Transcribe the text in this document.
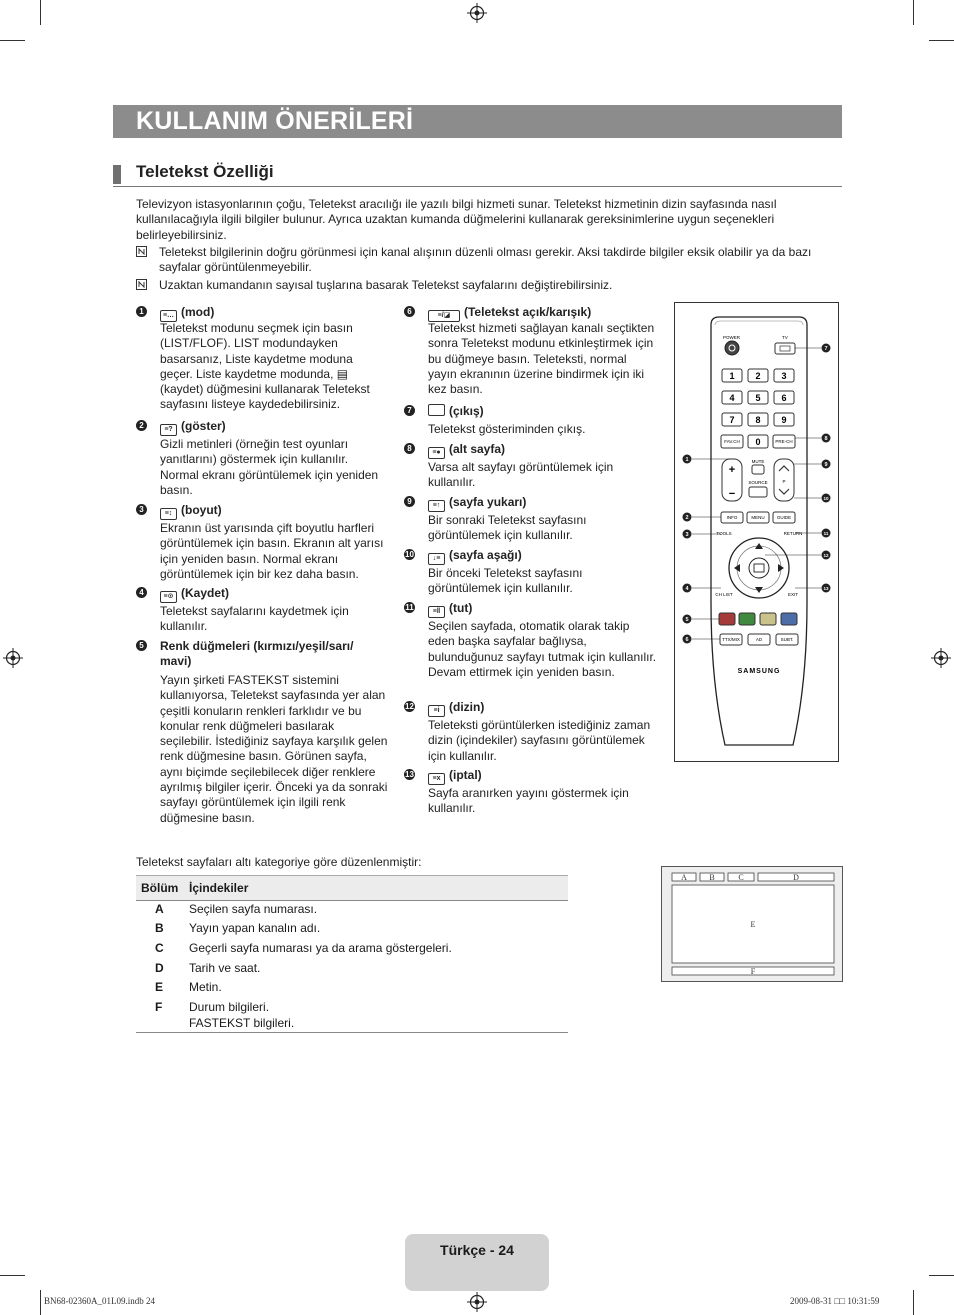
KULLANIM ÖNERİLERİ
Teletekst Özelliği
Televizyon istasyonlarının çoğu, Teletekst aracılığı ile yazılı bilgi hizmeti sunar. Teletekst hizmetinin dizin sayfasında nasıl kullanılacağıyla ilgili bilgiler bulunur. Ayrıca uzaktan kumanda düğmelerini kullanarak gereksinimlerine uygun seçenekleri belirleyebilirsiniz.
Teletekst bilgilerinin doğru görünmesi için kanal alışının düzenli olması gerekir. Aksi takdirde bilgiler eksik olabilir ya da bazı sayfalar görüntülenmeyebilir.
Uzaktan kumandanın sayısal tuşlarına basarak Teletekst sayfalarını değiştirebilirsiniz.
1	≡… (mod)
Teletekst modunu seçmek için basın (LIST/FLOF). LIST modundayken basarsanız, Liste kaydetme moduna geçer. Liste kaydetme modunda, ▤ (kaydet) düğmesini kullanarak Teletekst sayfasını listeye kaydedebilirsiniz.
2	≡? (göster)
Gizli metinleri (örneğin test oyunları yanıtlarını) göstermek için kullanılır. Normal ekranı görüntülemek için yeniden basın.
3	≡↕ (boyut)
Ekranın üst yarısında çift boyutlu harfleri görüntülemek için basın. Ekranın alt yarısı için yeniden basın. Normal ekranı görüntülemek için bir kez daha basın.
4	≡⊙ (Kaydet)
Teletekst sayfalarını kaydetmek için kullanılır.
5 Renk düğmeleri (kırmızı/yeşil/sarı/ mavi)
Yayın şirketi FASTEKST sistemini kullanıyorsa, Teletekst sayfasında yer alan çeşitli konuların renkleri farklıdır ve bu konular renk düğmeleri basılarak seçilebilir. İstediğiniz sayfaya karşılık gelen renk düğmesine basın. Görünen sayfa, aynı biçimde seçilebilecek diğer renklere ayrılmış bilgiler içerir. Önceki ya da sonraki sayfayı görüntülemek için ilgili renk düğmesine basın.
6	≡/◪ (Teletekst açık/karışık)
Teletekst hizmeti sağlayan kanalı seçtikten sonra Teletekst modunu etkinleştirmek için bu düğmeye basın. Teleteksti, normal yayın ekranının üzerine bindirmek için iki kez basın.
7	(çıkış)
Teletekst gösteriminden çıkış.
8	≡● (alt sayfa)
Varsa alt sayfayı görüntülemek için kullanılır.
9	≡↑ (sayfa yukarı)
Bir sonraki Teletekst sayfasını görüntülemek için kullanılır.
10	↓≡ (sayfa aşağı)
Bir önceki Teletekst sayfasını görüntülemek için kullanılır.
11	≡‖ (tut)
Seçilen sayfada, otomatik olarak takip eden başka sayfalar bağlıysa, bulunduğunuz sayfayı tutmak için kullanılır. Devam ettirmek için yeniden basın.
12	≡i (dizin)
Teleteksti görüntülerken istediğiniz zaman dizin (içindekiler) sayfasını görüntülemek için kullanılır.
13	≡x (iptal)
Sayfa aranırken yayını göstermek için kullanılır.
POWER	TV
1 2 3
4 5 6
7 8 9
0
FAV.CH	PRE-CH
+
−
P
MUTE
SOURCE
INFO	MENU	GUIDE
TOOLS	RETURN
CH LIST	EXIT
TTX/MIX	AD	SUBT.
SAMSUNG
1
2
3
4
5
6
7
8
9
10
11
12
13
Teletekst sayfaları altı kategoriye göre düzenlenmiştir:
Bölüm İçindekiler
A Seçilen sayfa numarası.
B Yayın yapan kanalın adı.
C Geçerli sayfa numarası ya da arama göstergeleri.
D Tarih ve saat.
E Metin.
F Durum bilgileri.
FASTEKST bilgileri.
A	B	C	D
E
F
Türkçe - 24
BN68-02360A_01L09.indb 24	2009-08-31 □□ 10:31:59
